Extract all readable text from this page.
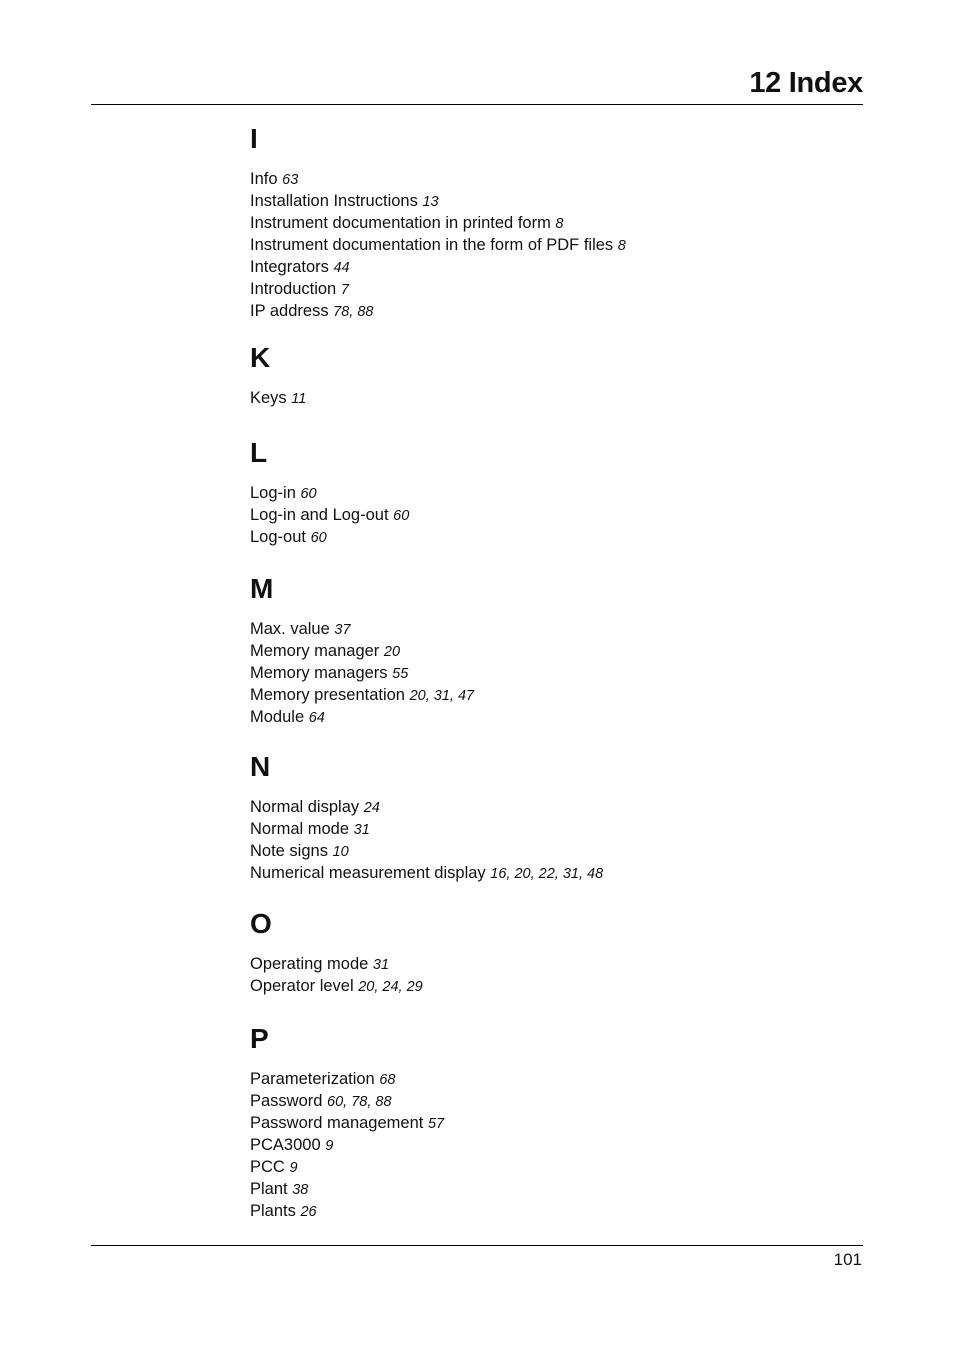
12 Index
I
Info 63
Installation Instructions 13
Instrument documentation in printed form 8
Instrument documentation in the form of PDF files 8
Integrators 44
Introduction 7
IP address 78, 88
K
Keys 11
L
Log-in 60
Log-in and Log-out 60
Log-out 60
M
Max. value 37
Memory manager 20
Memory managers 55
Memory presentation 20, 31, 47
Module 64
N
Normal display 24
Normal mode 31
Note signs 10
Numerical measurement display 16, 20, 22, 31, 48
O
Operating mode 31
Operator level 20, 24, 29
P
Parameterization 68
Password 60, 78, 88
Password management 57
PCA3000 9
PCC 9
Plant 38
Plants 26
101
